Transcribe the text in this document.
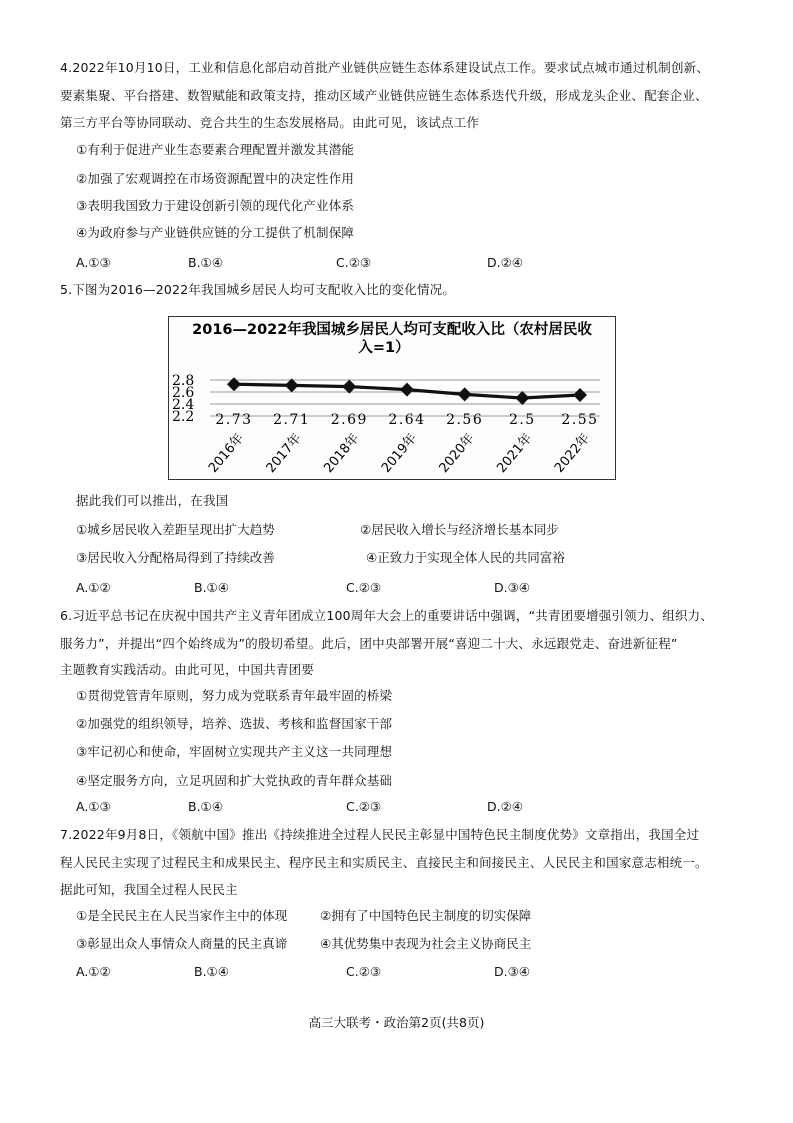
4.2022年10月10日，工业和信息化部启动首批产业链供应链生态体系建设试点工作。要求试点城市通过机制创新、
要素集聚、平台搭建、数智赋能和政策支持，推动区域产业链供应链生态体系迭代升级，形成龙头企业、配套企业、
第三方平台等协同联动、竞合共生的生态发展格局。由此可见，该试点工作
①有利于促进产业生态要素合理配置并激发其潜能
②加强了宏观调控在市场资源配置中的决定性作用
③表明我国致力于建设创新引领的现代化产业体系
④为政府参与产业链供应链的分工提供了机制保障
A.①③	B.①④	C.②③	D.②④
5.下图为2016—2022年我国城乡居民人均可支配收入比的变化情况。
2016—2022年我国城乡居民人均可支配收入比（农村居民收
入=1）
2.8
2.6
2.4
2.2 2.73 2.71 2.69 2.64 2.56 2.5 2.55
2016年 2017年 2018年 2019年 2020年 2021年 2022年
据此我们可以推出，在我国
①城乡居民收入差距呈现出扩大趋势	②居民收入增长与经济增长基本同步
③居民收入分配格局得到了持续改善	④正致力于实现全体人民的共同富裕
A.①②	B.①④	C.②③	D.③④
6.习近平总书记在庆祝中国共产主义青年团成立100周年大会上的重要讲话中强调，“共青团要增强引领力、组织力、
服务力”，并提出“四个始终成为”的殷切希望。此后，团中央部署开展“喜迎二十大、永远跟党走、奋进新征程”
主题教育实践活动。由此可见，中国共青团要
①贯彻党管青年原则，努力成为党联系青年最牢固的桥梁
②加强党的组织领导，培养、选拔、考核和监督国家干部
③牢记初心和使命，牢固树立实现共产主义这一共同理想
④坚定服务方向，立足巩固和扩大党执政的青年群众基础
A.①③	B.①④	C.②③	D.②④
7.2022年9月8日，《领航中国》推出《持续推进全过程人民民主彰显中国特色民主制度优势》文章指出，我国全过
程人民民主实现了过程民主和成果民主、程序民主和实质民主、直接民主和间接民主、人民民主和国家意志相统一。
据此可知，我国全过程人民民主
①是全民民主在人民当家作主中的体现	②拥有了中国特色民主制度的切实保障
③彰显出众人事情众人商量的民主真谛	④其优势集中表现为社会主义协商民主
A.①②	B.①④	C.②③	D.③④
高三大联考・政治第2页(共8页)
